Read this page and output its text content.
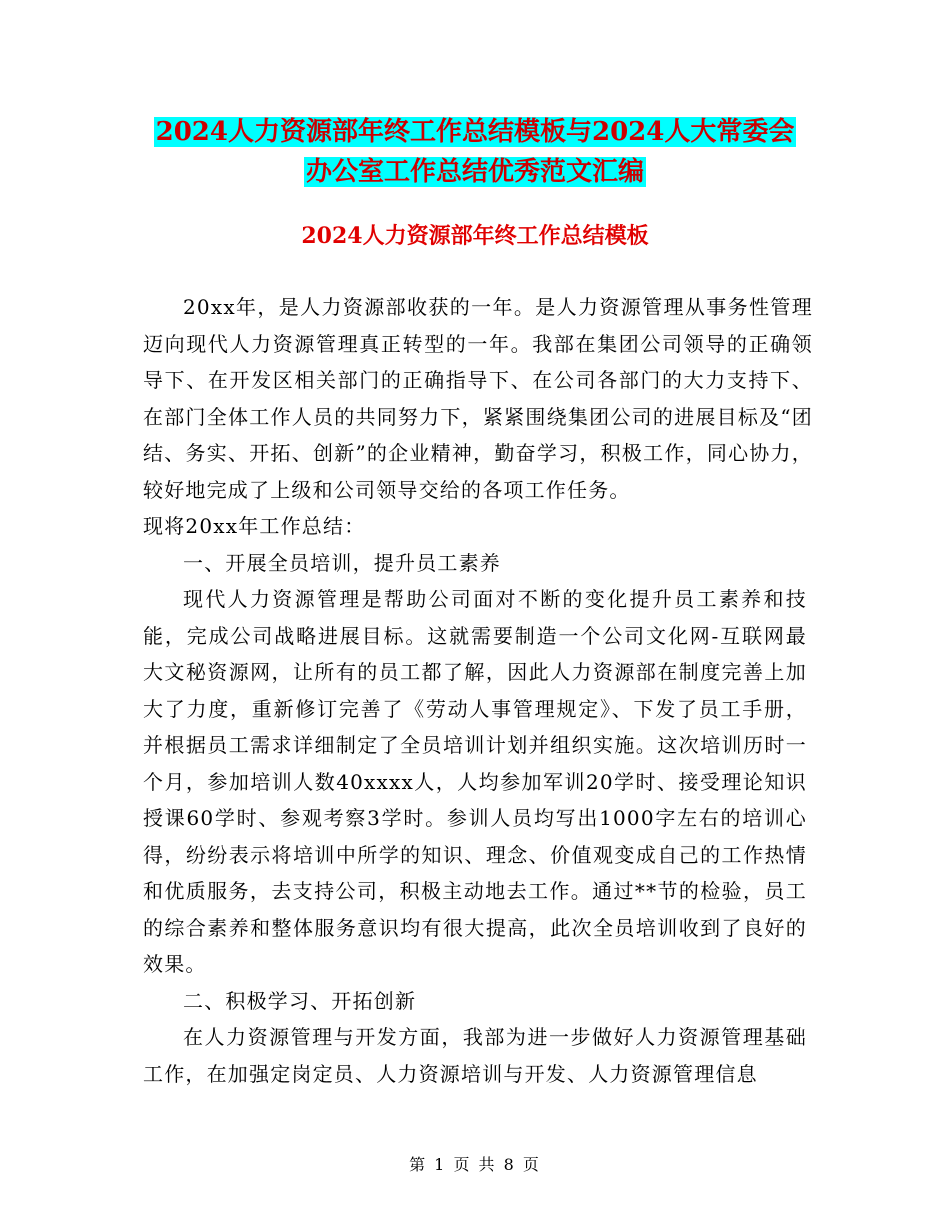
2024人力资源部年终工作总结模板与2024人大常委会
办公室工作总结优秀范文汇编
2024人力资源部年终工作总结模板

20xx年，是人力资源部收获的一年。是人力资源管理从事务性管理迈向现代人力资源管理真正转型的一年。我部在集团公司领导的正确领导下、在开发区相关部门的正确指导下、在公司各部门的大力支持下、在部门全体工作人员的共同努力下，紧紧围绕集团公司的进展目标及“团结、务实、开拓、创新”的企业精神，勤奋学习，积极工作，同心协力，较好地完成了上级和公司领导交给的各项工作任务。

现将20xx年工作总结：

一、开展全员培训，提升员工素养

现代人力资源管理是帮助公司面对不断的变化提升员工素养和技能，完成公司战略进展目标。这就需要制造一个公司文化网-互联网最大文秘资源网，让所有的员工都了解，因此人力资源部在制度完善上加大了力度，重新修订完善了《劳动人事管理规定》、下发了员工手册，并根据员工需求详细制定了全员培训计划并组织实施。这次培训历时一个月，参加培训人数40xxxx人，人均参加军训20学时、接受理论知识授课60学时、参观考察3学时。参训人员均写出1000字左右的培训心得，纷纷表示将培训中所学的知识、理念、价值观变成自己的工作热情和优质服务，去支持公司，积极主动地去工作。通过**节的检验，员工的综合素养和整体服务意识均有很大提高，此次全员培训收到了良好的效果。

二、积极学习、开拓创新

在人力资源管理与开发方面，我部为进一步做好人力资源管理基础工作，在加强定岗定员、人力资源培训与开发、人力资源管理信息

第 1 页 共 8 页
